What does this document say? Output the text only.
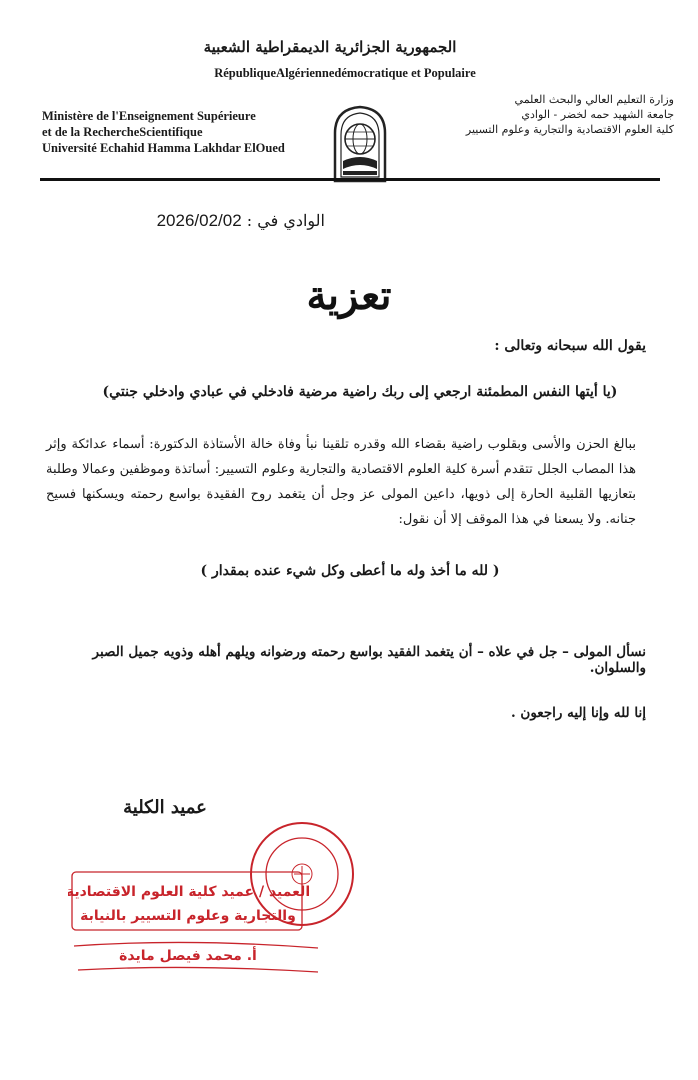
الجمهورية الجزائرية الديمقراطية الشعبية
RépubliqueAlgériennedémocratique et Populaire
Ministère de l'Enseignement Supérieure
et de la RechercheScientifique
Université Echahid Hamma Lakhdar ElOued
وزارة التعليم العالي والبحث العلمي
جامعة الشهيد حمه لخضر - الوادي
كلية العلوم الاقتصادية والتجارية وعلوم التسيير
الوادي في : 2026/02/02
تعزية
يقول الله سبحانه وتعالى :
(يا أيتها النفس المطمئنة ارجعي إلى ربك راضية مرضية فادخلي في عبادي وادخلي جنتي)
ببالغ الحزن والأسى وبقلوب راضية بقضاء الله وقدره تلقينا نبأ وفاة خالة الأستاذة الدكتورة: أسماء عدائكة وإثر هذا المصاب الجلل تتقدم أسرة كلية العلوم الاقتصادية والتجارية وعلوم التسيير: أساتذة وموظفين وعمالا وطلبة بتعازيها القلبية الحارة إلى ذويها، داعين المولى عز وجل أن يتغمد روح الفقيدة بواسع رحمته ويسكنها فسيح جنانه. ولا يسعنا في هذا الموقف إلا أن نقول:
( لله ما أخذ وله ما أعطى وكل شيء عنده بمقدار )
نسأل المولى – جل في علاه – أن يتغمد الفقيد بواسع رحمته ورضوانه ويلهم أهله وذويه جميل الصبر والسلوان.
إنا لله وإنا إليه راجعون .
عميد الكلية
العميد / عميد كلية العلوم الاقتصادية
والتجارية وعلوم التسيير بالنيابة
أ. محمد فيصل مايدة
